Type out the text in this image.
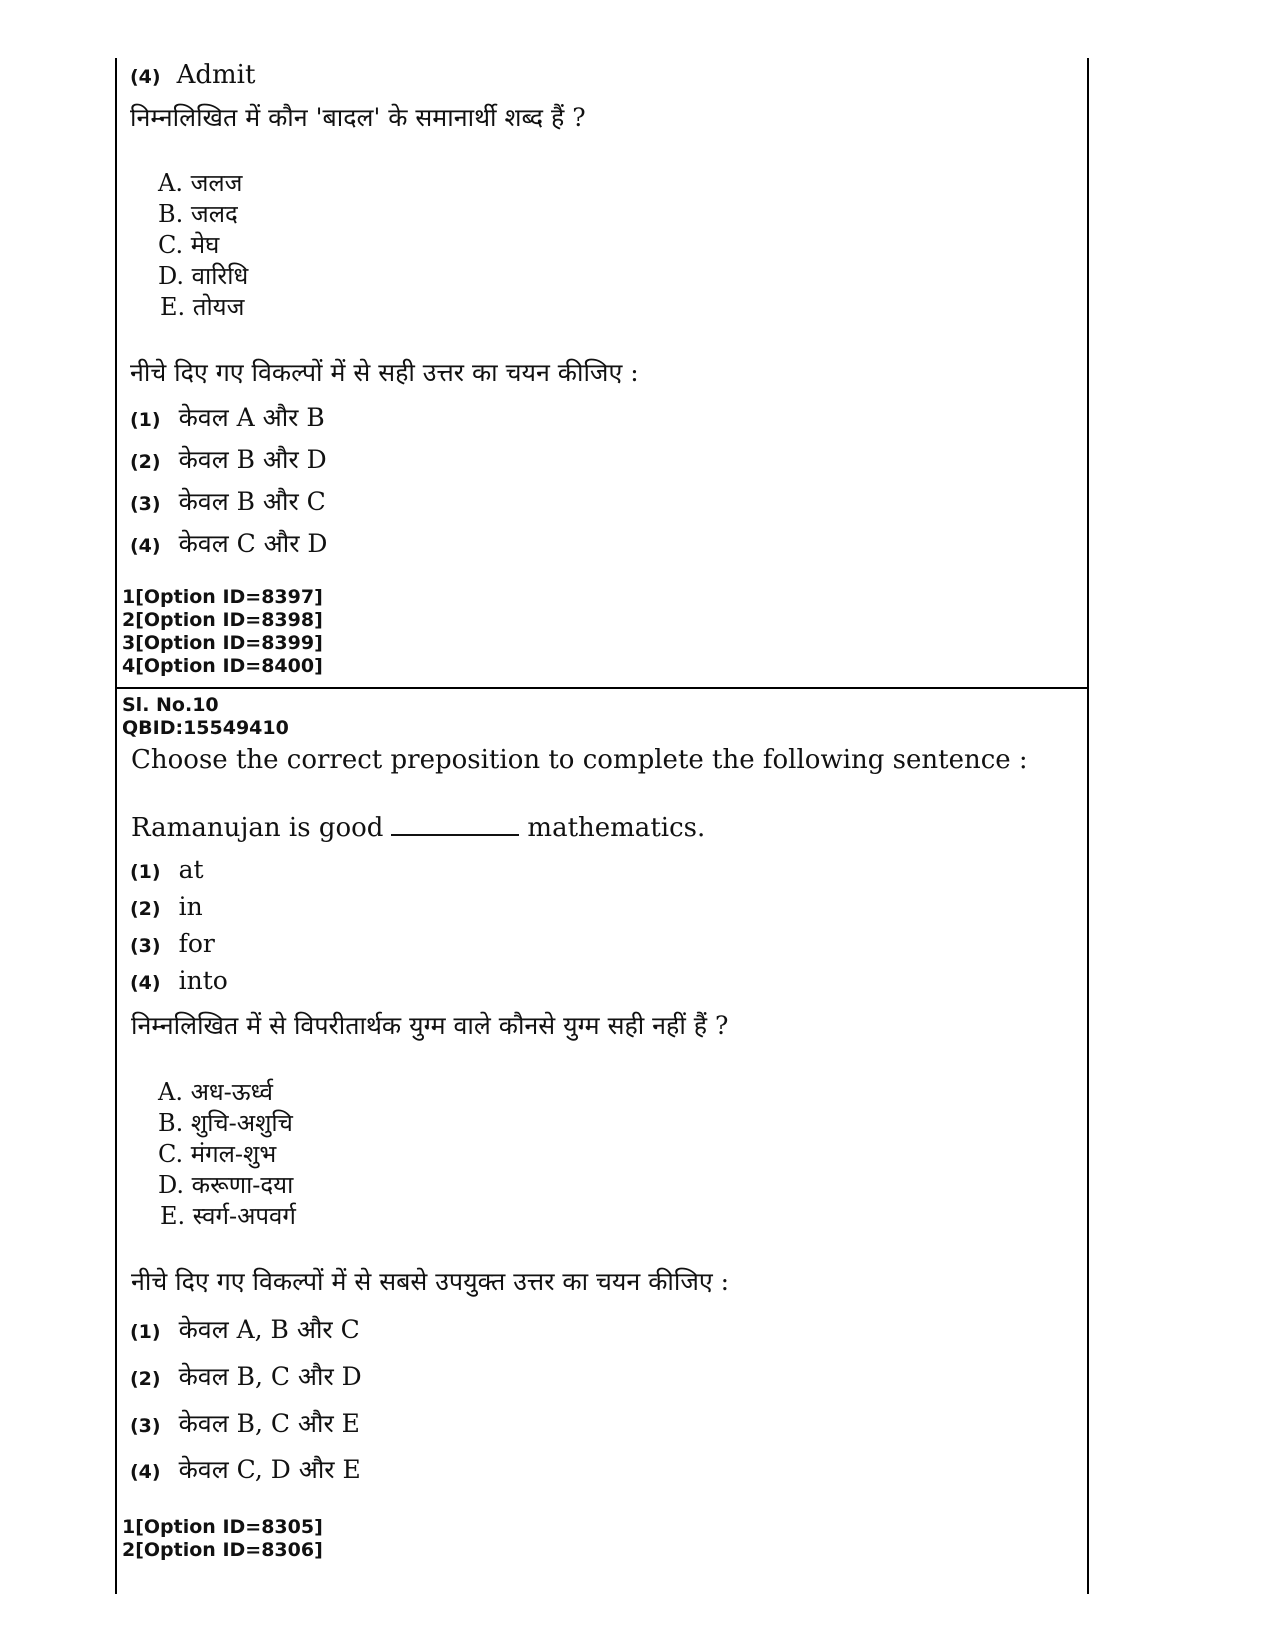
(4) Admit
निम्नलिखित में कौन 'बादल' के समानार्थी शब्द हैं ?
A. जलज
B. जलद
C. मेघ
D. वारिधि
E. तोयज
नीचे दिए गए विकल्पों में से सही उत्तर का चयन कीजिए :
(1) केवल A और B
(2) केवल B और D
(3) केवल B और C
(4) केवल C और D
1[Option ID=8397]
2[Option ID=8398]
3[Option ID=8399]
4[Option ID=8400]
Sl. No.10
QBID:15549410
Choose the correct preposition to complete the following sentence :
Ramanujan is good	mathematics.
(1) at
(2) in
(3) for
(4) into
निम्नलिखित में से विपरीतार्थक युग्म वाले कौनसे युग्म सही नहीं हैं ?
A. अध-ऊर्ध्व
B. शुचि-अशुचि
C. मंगल-शुभ
D. करूणा-दया
E. स्वर्ग-अपवर्ग
नीचे दिए गए विकल्पों में से सबसे उपयुक्त उत्तर का चयन कीजिए :
(1) केवल A, B और C
(2) केवल B, C और D
(3) केवल B, C और E
(4) केवल C, D और E
1[Option ID=8305]
2[Option ID=8306]
